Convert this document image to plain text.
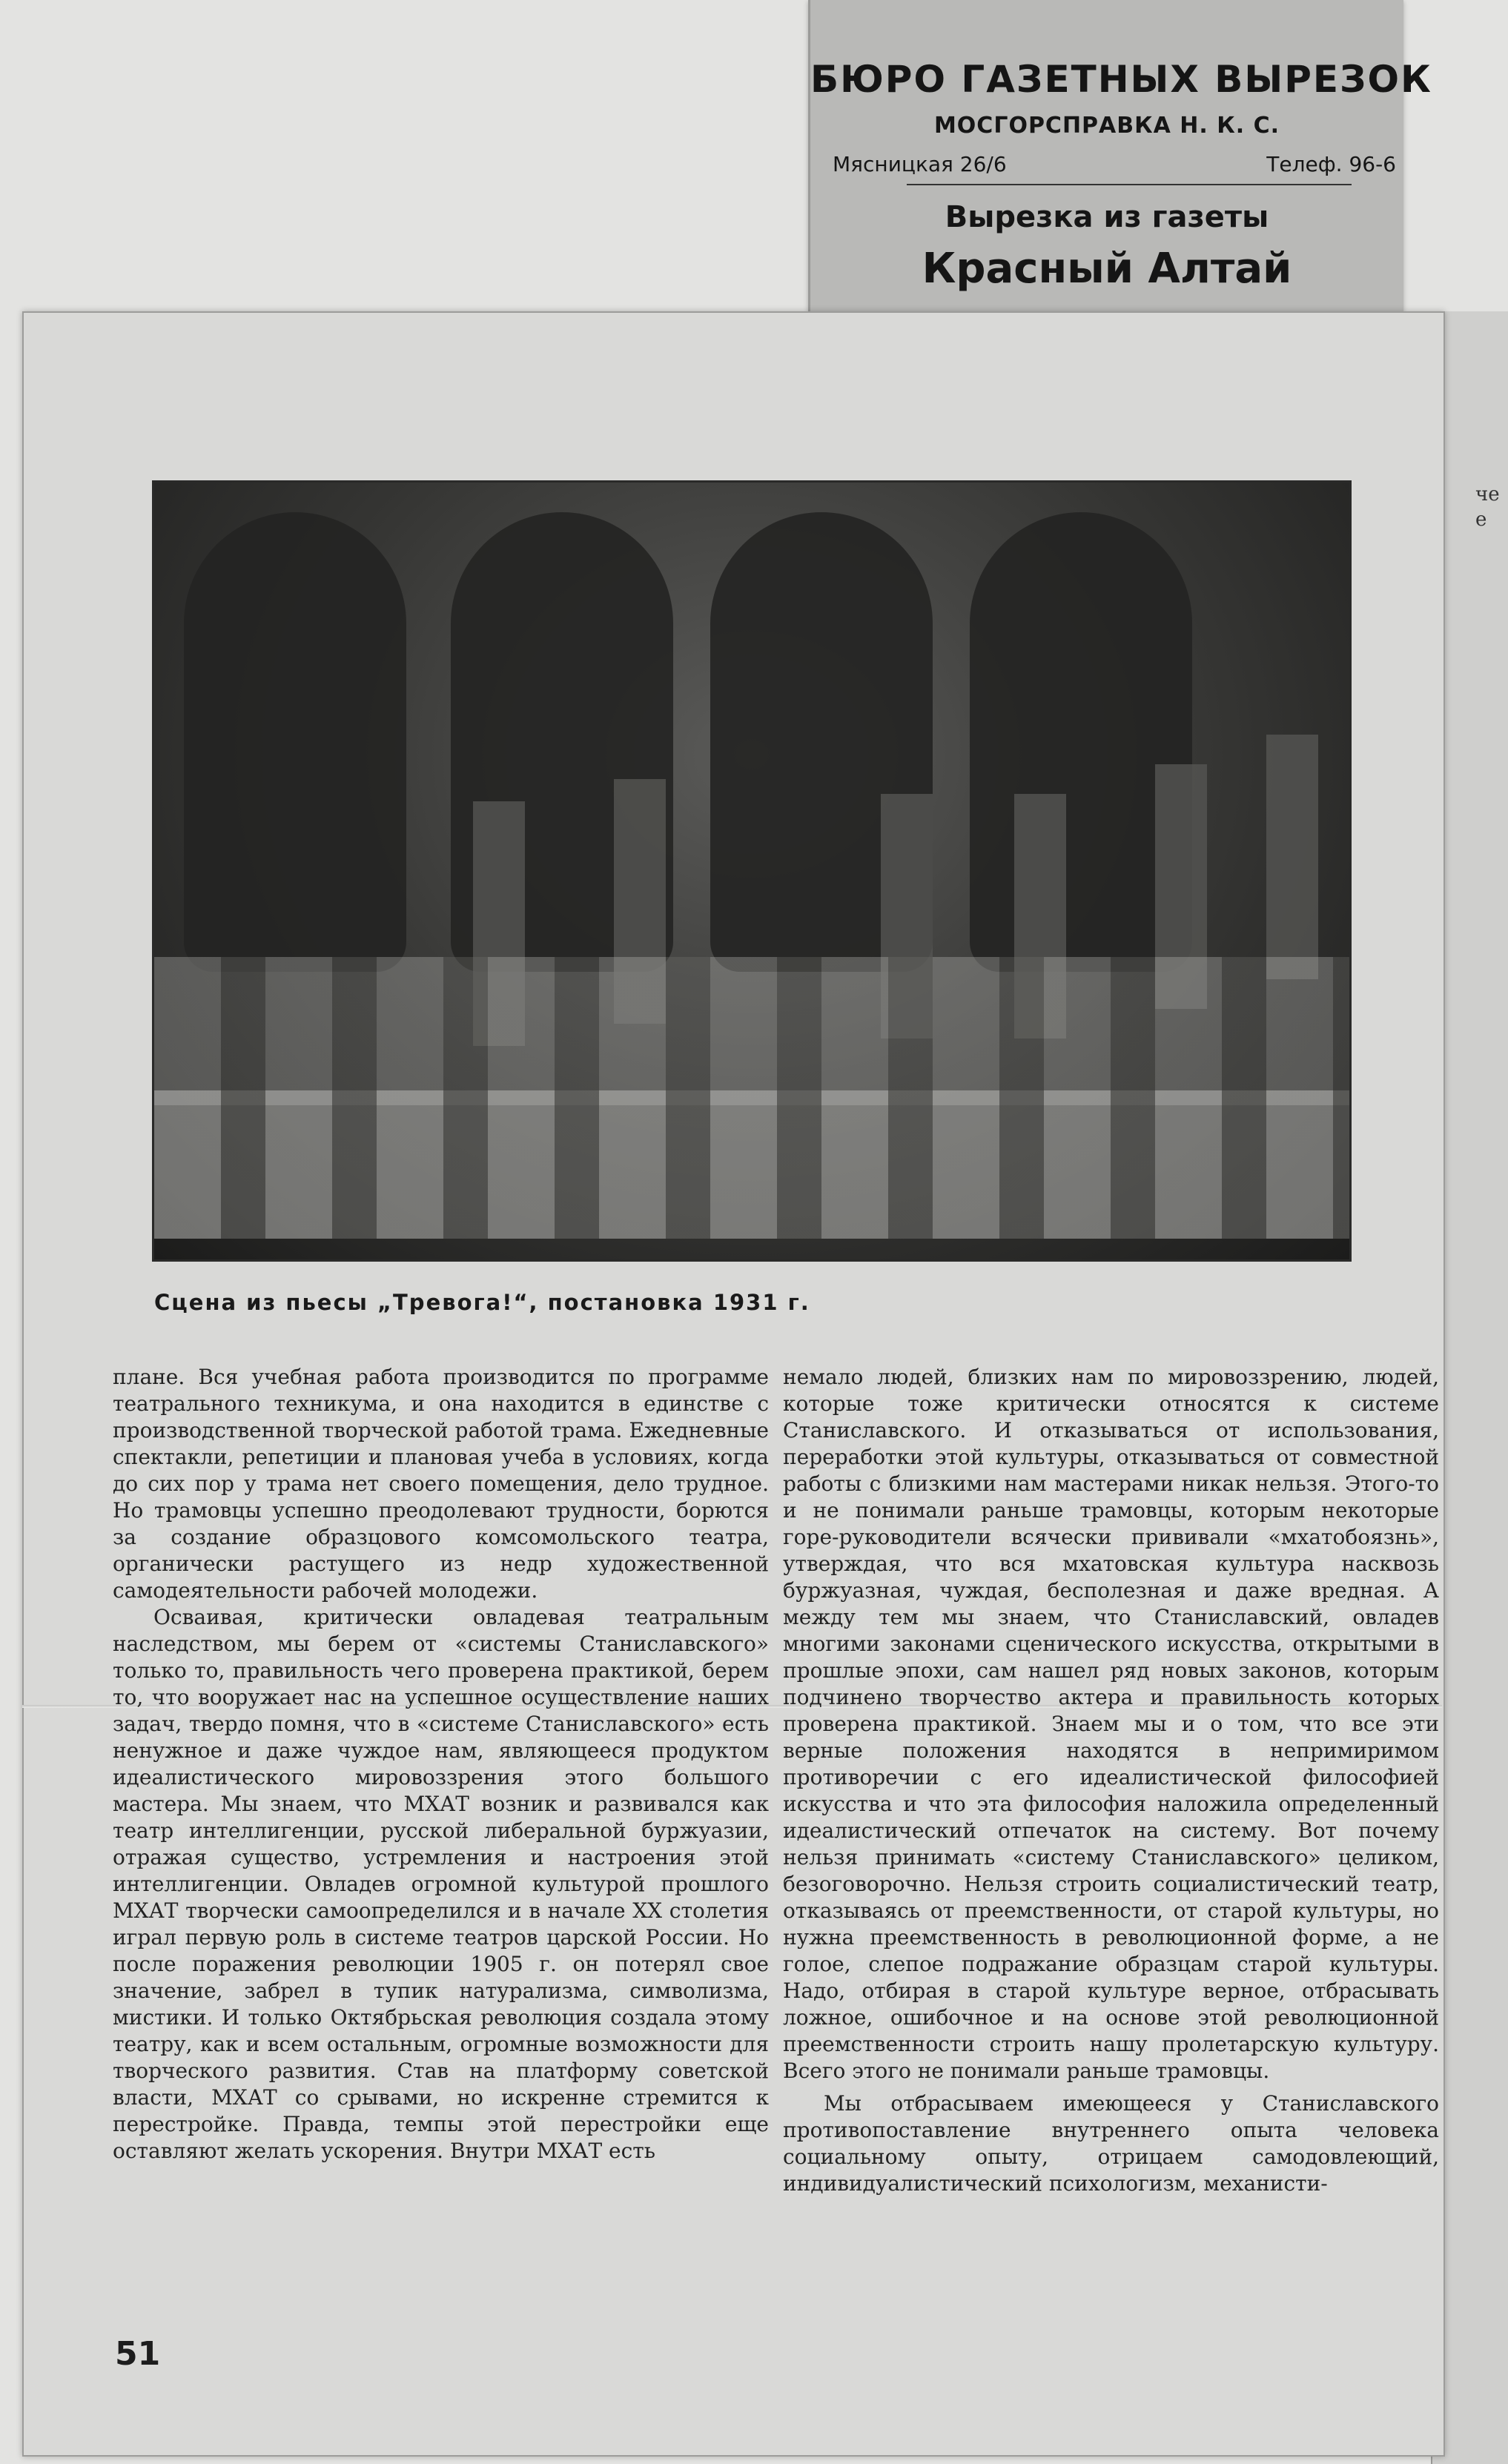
БЮРО ГАЗЕТНЫХ ВЫРЕЗОК
МОСГОРСПРАВКА Н. К. С.
Мясницкая 26/6	Телеф. 96-6
Вырезка из газеты
Красный Алтай
че
е
Сцена из пьесы „Тревога!“, постановка 1931 г.

плане. Вся учебная работа производится по программе театрального техникума, и она находится в единстве с производственной творческой работой трама. Ежедневные спектакли, репетиции и плановая учеба в условиях, когда до сих пор у трама нет своего помещения, дело трудное. Но трамовцы успешно преодолевают трудности, борются за создание образцового комсомольского театра, органически растущего из недр художественной самодеятельности рабочей молодежи.

Осваивая, критически овладевая театральным наследством, мы берем от «системы Станиславского» только то, правильность чего проверена практикой, берем то, что вооружает нас на успешное осуществление наших задач, твердо помня, что в «системе Станиславского» есть ненужное и даже чуждое нам, являющееся продуктом идеалистического мировоззрения этого большого мастера. Мы знаем, что МХАТ возник и развивался как театр интеллигенции, русской либеральной буржуазии, отражая существо, устремления и настроения этой интеллигенции. Овладев огромной культурой прошлого МХАТ творчески самоопределился и в начале XX столетия играл первую роль в системе театров царской России. Но после поражения революции 1905 г. он потерял свое значение, забрел в тупик натурализма, символизма, мистики. И только Октябрьская революция создала этому театру, как и всем остальным, огромные возможности для творческого развития. Став на платформу советской власти, МХАТ со срывами, но искренне стремится к перестройке. Правда, темпы этой перестройки еще оставляют желать ускорения. Внутри МХАТ есть

немало людей, близких нам по мировоззрению, людей, которые тоже критически относятся к системе Станиславского. И отказываться от использования, переработки этой культуры, отказываться от совместной работы с близкими нам мастерами никак нельзя. Этого-то и не понимали раньше трамовцы, которым некоторые горе-руководители всячески прививали «мхатобоязнь», утверждая, что вся мхатовская культура насквозь буржуазная, чуждая, бесполезная и даже вредная. А между тем мы знаем, что Станиславский, овладев многими законами сценического искусства, открытыми в прошлые эпохи, сам нашел ряд новых законов, которым подчинено творчество актера и правильность которых проверена практикой. Знаем мы и о том, что все эти верные положения находятся в непримиримом противоречии с его идеалистической философией искусства и что эта философия наложила определенный идеалистический отпечаток на систему. Вот почему нельзя принимать «систему Станиславского» целиком, безоговорочно. Нельзя строить социалистический театр, отказываясь от преемственности, от старой культуры, но нужна преемственность в революционной форме, а не голое, слепое подражание образцам старой культуры. Надо, отбирая в старой культуре верное, отбрасывать ложное, ошибочное и на основе этой революционной преемственности строить нашу пролетарскую культуру. Всего этого не понимали раньше трамовцы.

Мы отбрасываем имеющееся у Станиславского противопоставление внутреннего опыта человека социальному опыту, отрицаем самодовлеющий, индивидуалистический психологизм, механисти-

51
